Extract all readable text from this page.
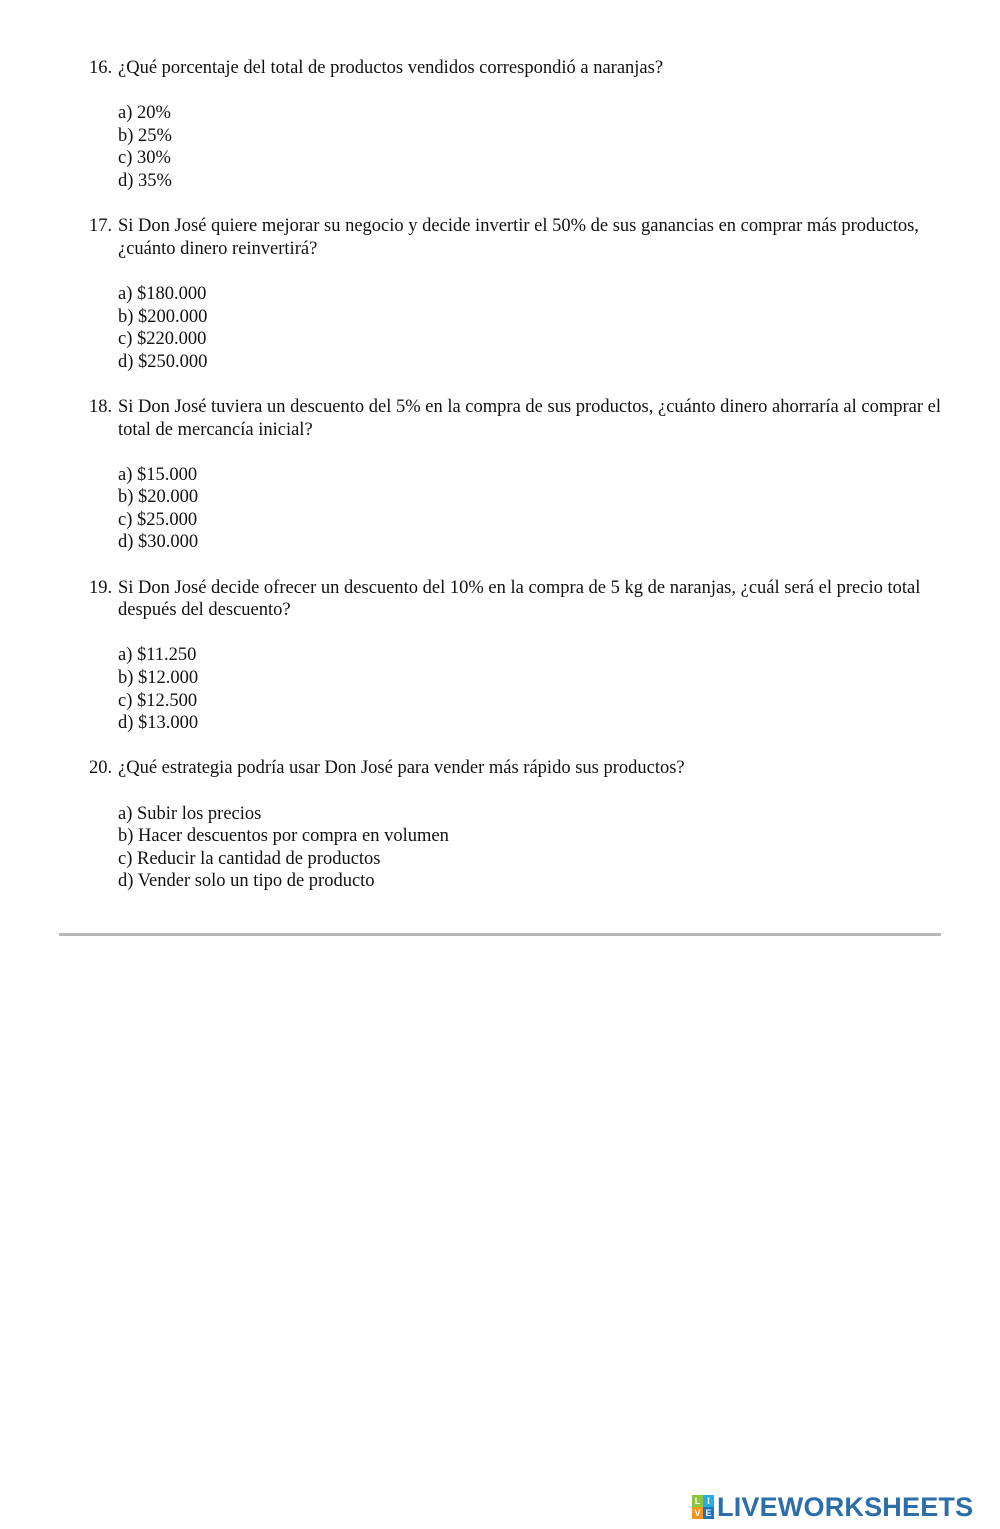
16. ¿Qué porcentaje del total de productos vendidos correspondió a naranjas?
a) 20%
b) 25%
c) 30%
d) 35%
17. Si Don José quiere mejorar su negocio y decide invertir el 50% de sus ganancias en comprar más productos, ¿cuánto dinero reinvertirá?
a) $180.000
b) $200.000
c) $220.000
d) $250.000
18. Si Don José tuviera un descuento del 5% en la compra de sus productos, ¿cuánto dinero ahorraría al comprar el total de mercancía inicial?
a) $15.000
b) $20.000
c) $25.000
d) $30.000
19. Si Don José decide ofrecer un descuento del 10% en la compra de 5 kg de naranjas, ¿cuál será el precio total después del descuento?
a) $11.250
b) $12.000
c) $12.500
d) $13.000
20. ¿Qué estrategia podría usar Don José para vender más rápido sus productos?
a) Subir los precios
b) Hacer descuentos por compra en volumen
c) Reducir la cantidad de productos
d) Vender solo un tipo de producto
L I
V E LIVEWORKSHEETS
